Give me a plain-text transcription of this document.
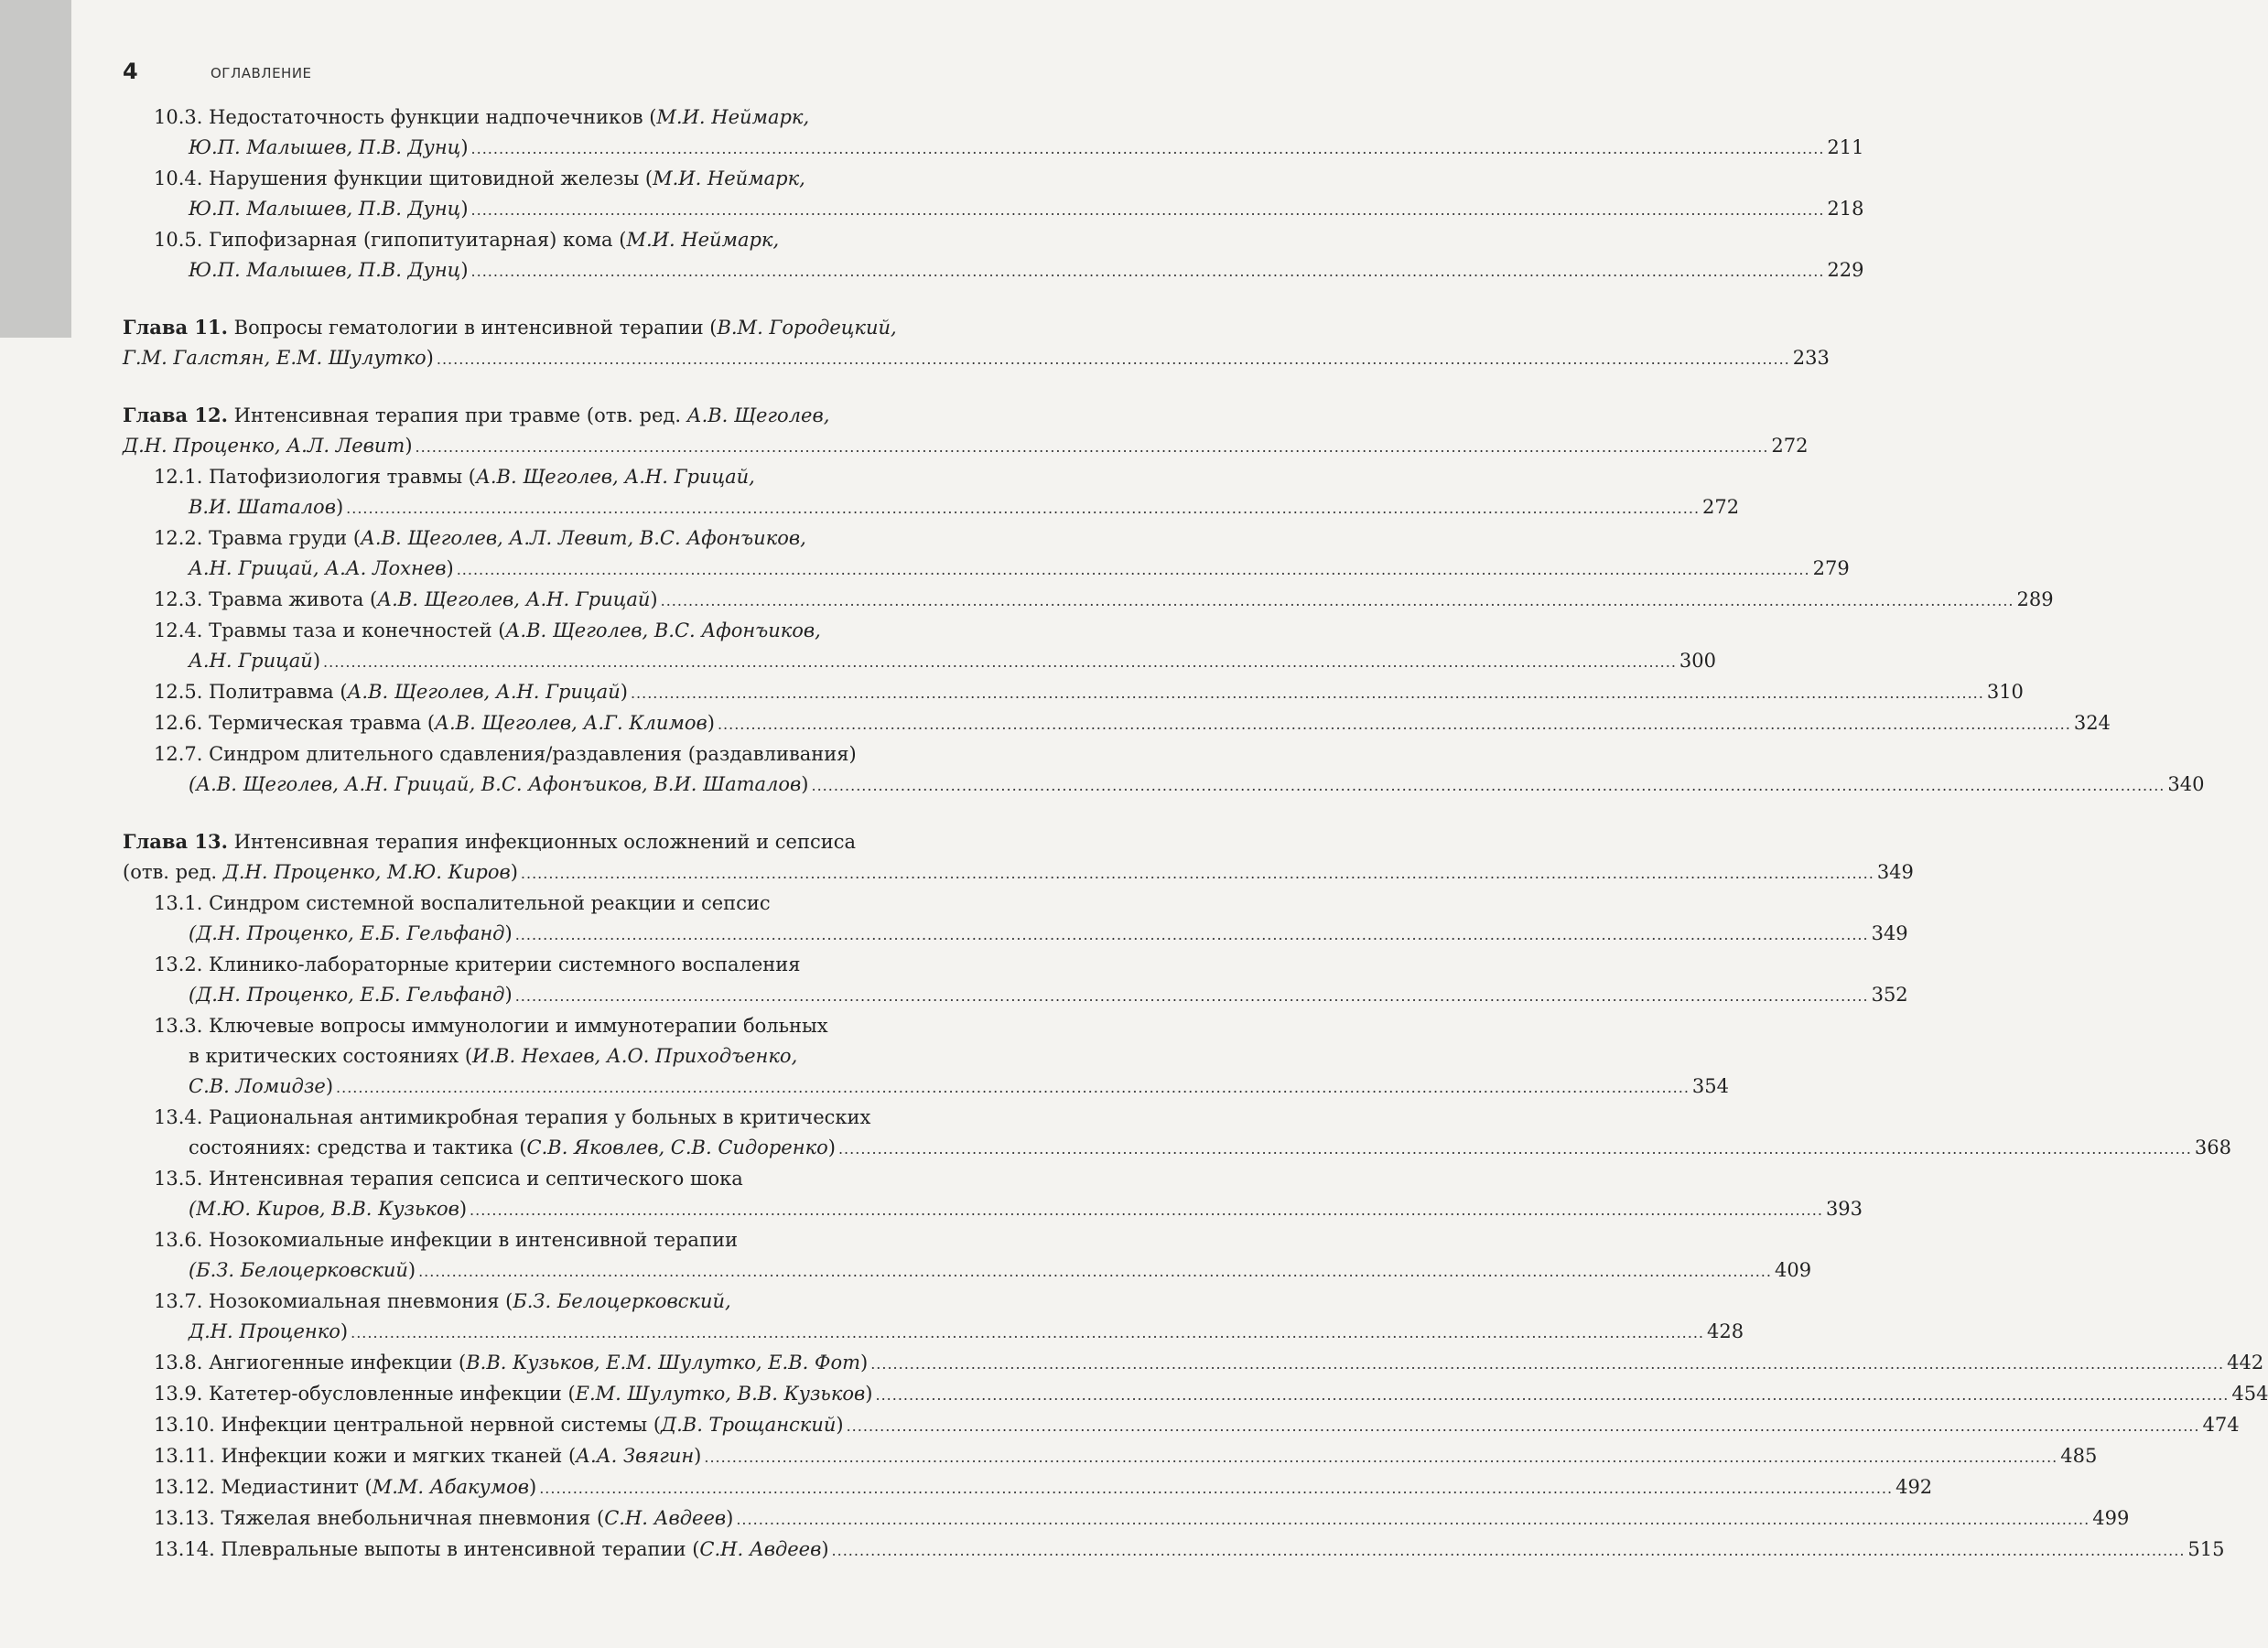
4	ОГЛАВЛЕНИЕ
10.3. Недостаточность функции надпочечников (М.И. Неймарк,
Ю.П. Малышев, П.В. Дунц) .....	211
10.4. Нарушения функции щитовидной железы (М.И. Неймарк,
Ю.П. Малышев, П.В. Дунц) .....	218
10.5. Гипофизарная (гипопитуитарная) кома (М.И. Неймарк,
Ю.П. Малышев, П.В. Дунц) .....	229
Глава 11. Вопросы гематологии в интенсивной терапии (В.М. Городецкий,
Г.М. Галстян, Е.М. Шулутко) .....	233
Глава 12. Интенсивная терапия при травме (отв. ред. А.В. Щеголев,
Д.Н. Проценко, А.Л. Левит) .....	272
12.1. Патофизиология травмы (А.В. Щеголев, А.Н. Грицай,
В.И. Шаталов) .....	272
12.2. Травма груди (А.В. Щеголев, А.Л. Левит, В.С. Афонъиков,
А.Н. Грицай, А.А. Лохнев) .....	279
12.3. Травма живота (А.В. Щеголев, А.Н. Грицай) .....	289
12.4. Травмы таза и конечностей (А.В. Щеголев, В.С. Афонъиков,
А.Н. Грицай) .....	300
12.5. Политравма (А.В. Щеголев, А.Н. Грицай) .....	310
12.6. Термическая травма (А.В. Щеголев, А.Г. Климов) .....	324
12.7. Синдром длительного сдавления/раздавления (раздавливания)
(А.В. Щеголев, А.Н. Грицай, В.С. Афонъиков, В.И. Шаталов) .....	340
Глава 13. Интенсивная терапия инфекционных осложнений и сепсиса
(отв. ред. Д.Н. Проценко, М.Ю. Киров) .....	349
13.1. Синдром системной воспалительной реакции и сепсис
(Д.Н. Проценко, Е.Б. Гельфанд) .....	349
13.2. Клинико-лабораторные критерии системного воспаления
(Д.Н. Проценко, Е.Б. Гельфанд) .....	352
13.3. Ключевые вопросы иммунологии и иммунотерапии больных
в критических состояниях (И.В. Нехаев, А.О. Приходъенко,
С.В. Ломидзе) .....	354
13.4. Рациональная антимикробная терапия у больных в критических
состояниях: средства и тактика (С.В. Яковлев, С.В. Сидоренко) .....	368
13.5. Интенсивная терапия сепсиса и септического шока
(М.Ю. Киров, В.В. Кузьков) .....	393
13.6. Нозокомиальные инфекции в интенсивной терапии
(Б.З. Белоцерковский) .....	409
13.7. Нозокомиальная пневмония (Б.З. Белоцерковский,
Д.Н. Проценко) .....	428
13.8. Ангиогенные инфекции (В.В. Кузьков, Е.М. Шулутко, Е.В. Фот) .....	442
13.9. Катетер-обусловленные инфекции (Е.М. Шулутко, В.В. Кузьков) .....	454
13.10. Инфекции центральной нервной системы (Д.В. Трощанский) .....	474
13.11. Инфекции кожи и мягких тканей (А.А. Звягин) .....	485
13.12. Медиастинит (М.М. Абакумов) .....	492
13.13. Тяжелая внебольничная пневмония (С.Н. Авдеев) .....	499
13.14. Плевральные выпоты в интенсивной терапии (С.Н. Авдеев) .....	515
